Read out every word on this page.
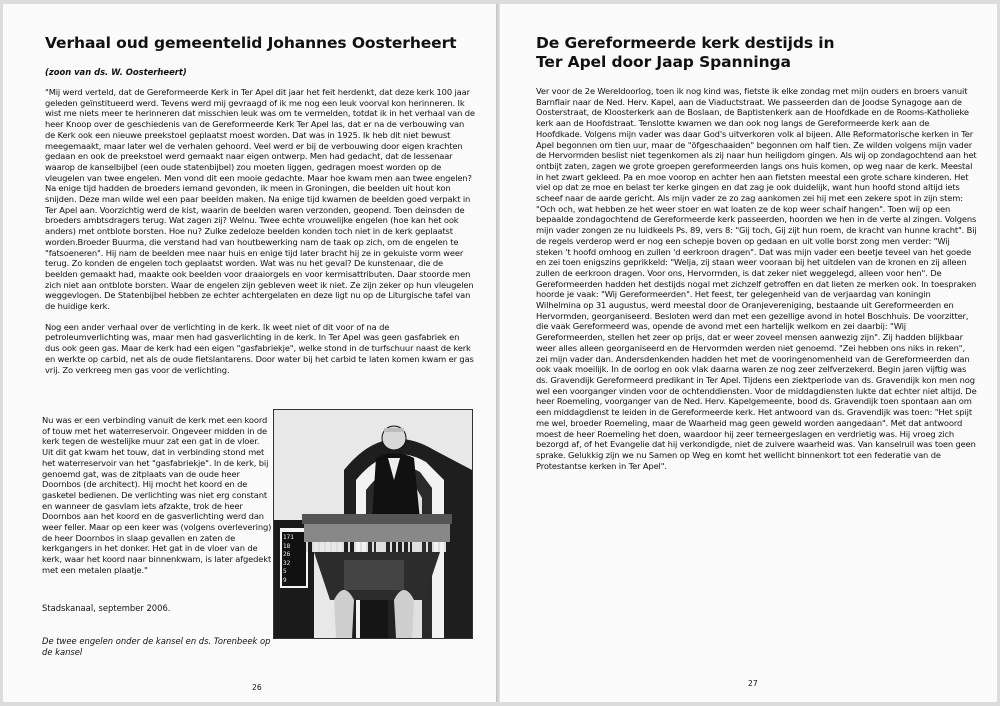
Verhaal oud gemeentelid Johannes Oosterheert
(zoon van ds. W. Oosterheert)

"Mij werd verteld, dat de Gereformeerde Kerk in Ter Apel dit jaar het feit herdenkt, dat deze kerk 100 jaar geleden geïnstitueerd werd. Tevens werd mij gevraagd of ik me nog een leuk voorval kon herinneren. Ik wist me niets meer te herinneren dat misschien leuk was om te vermelden, totdat ik in het verhaal van de heer Knoop over de geschiedenis van de Gereformeerde Kerk Ter Apel las, dat er na de verbouwing van de Kerk ook een nieuwe preekstoel geplaatst moest worden. Dat was in 1925. Ik heb dit niet bewust meegemaakt, maar later wel de verhalen gehoord. Veel werd er bij de verbouwing door eigen krachten gedaan en ook de preekstoel werd gemaakt naar eigen ontwerp. Men had gedacht, dat de lessenaar waarop de kanselbijbel (een oude statenbijbel) zou moeten liggen, gedragen moest worden op de vleugelen van twee engelen. Men vond dit een mooie gedachte. Maar hoe kwam men aan twee engelen? Na enige tijd hadden de broeders iemand gevonden, ik meen in Groningen, die beelden uit hout kon snijden. Deze man wilde wel een paar beelden maken. Na enige tijd kwamen de beelden goed verpakt in Ter Apel aan. Voorzichtig werd de kist, waarin de beelden waren verzonden, geopend. Toen deinsden de broeders ambtsdragers terug. Wat zagen zij? Welnu. Twee echte vrouwelijke engelen (hoe kan het ook anders) met ontblote borsten. Hoe nu? Zulke zedeloze beelden konden toch niet in de kerk geplaatst worden.Broeder Buurma, die verstand had van houtbewerking nam de taak op zich, om de engelen te "fatsoeneren". Hij nam de beelden mee naar huis en enige tijd later bracht hij ze in gekuiste vorm weer terug. Zo konden de engelen toch geplaatst worden. Wat was nu het geval? De kunstenaar, die de beelden gemaakt had, maakte ook beelden voor draaiorgels en voor kermisattributen. Daar stoorde men zich niet aan ontblote borsten. Waar de engelen zijn gebleven weet ik niet. Ze zijn zeker op hun vleugelen weggevlogen. De Statenbijbel hebben ze echter achtergelaten en deze ligt nu op de Liturgische tafel van de huidige kerk.

Nog een ander verhaal over de verlichting in de kerk. Ik weet niet of dit voor of na de petroleumverlichting was, maar men had gasverlichting in de kerk. In Ter Apel was geen gasfabriek en dus ook geen gas. Maar de kerk had een eigen "gasfabriekje", welke stond in de turfschuur naast de kerk en werkte op carbid, net als de oude fietslantarens. Door water bij het carbid te laten komen kwam er gas vrij. Zo verkreeg men gas voor de verlichting.

Nu was er een verbinding vanuit de kerk met een koord of touw met het waterreservoir. Ongeveer midden in de kerk tegen de westelijke muur zat een gat in de vloer. Uit dit gat kwam het touw, dat in verbinding stond met het waterreservoir van het "gasfabriekje". In de kerk, bij genoemd gat, was de zitplaats van de oude heer Doornbos (de architect). Hij mocht het koord en de gasketel bedienen. De verlichting was niet erg constant en wanneer de gasvlam iets afzakte, trok de heer Doornbos aan het koord en de gasverlichting werd dan weer feller. Maar op een keer was (volgens overlevering) de heer Doornbos in slaap gevallen en zaten de kerkgangers in het donker. Het gat in de vloer van de kerk, waar het koord naar binnenkwam, is later afgedekt met een metalen plaatje."

171
18
26
32
5
9
Stadskanaal, september 2006.
De twee engelen onder de kansel en ds. Torenbeek op de kansel
26
De Gereformeerde kerk destijds in Ter Apel door Jaap Spanninga

Ver voor de 2e Wereldoorlog, toen ik nog kind was, fietste ik elke zondag met mijn ouders en broers vanuit Barnflair naar de Ned. Herv. Kapel, aan de Viaductstraat. We passeerden dan de Joodse Synagoge aan de Oosterstraat, de Kloosterkerk aan de Boslaan, de Baptistenkerk aan de Hoofdkade en de Rooms-Katholieke kerk aan de Hoofdstraat. Tenslotte kwamen we dan ook nog langs de Gereformeerde kerk aan de Hoofdkade. Volgens mijn vader was daar God's uitverkoren volk al bijeen. Alle Reformatorische kerken in Ter Apel begonnen om tien uur, maar de "öfgeschaaiden" begonnen om half tien. Ze wilden volgens mijn vader de Hervormden beslist niet tegenkomen als zij naar hun heiligdom gingen. Als wij op zondagochtend aan het ontbijt zaten, zagen we grote groepen gereformeerden langs ons huis komen, op weg naar de kerk. Meestal in het zwart gekleed. Pa en moe voorop en achter hen aan fietsten meestal een grote schare kinderen. Het viel op dat ze moe en belast ter kerke gingen en dat zag je ook duidelijk, want hun hoofd stond altijd iets scheef naar de aarde gericht. Als mijn vader ze zo zag aankomen zei hij met een zekere spot in zijn stem: "Och och, wat hebben ze het weer stoer en wat loaten ze de kop weer schaif hangen". Toen wij op een bepaalde zondagochtend de Gereformeerde kerk passeerden, hoorden we hen in de verte al zingen. Volgens mijn vader zongen ze nu luidkeels Ps. 89, vers 8: "Gij toch, Gij zijt hun roem, de kracht van hunne kracht". Bij de regels verderop werd er nog een schepje boven op gedaan en uit volle borst zong men verder: "Wij steken 't hoofd omhoog en zullen 'd eerkroon dragen". Dat was mijn vader een beetje teveel van het goede en zei toen enigszins geprikkeld: "Welja, zij staan weer vooraan bij het uitdelen van de kronen en zij alleen zullen de eerkroon dragen. Voor ons, Hervormden, is dat zeker niet weggelegd, alleen voor hen". De Gereformeerden hadden het destijds nogal met zichzelf getroffen en dat lieten ze merken ook. In toespraken hoorde je vaak: "Wij Gereformeerden". Het feest, ter gelegenheid van de verjaardag van koningin Wilhelmina op 31 augustus, werd meestal door de Oranjevereniging, bestaande uit Gereformeerden en Hervormden, georganiseerd. Besloten werd dan met een gezellige avond in hotel Boschhuis. De voorzitter, die vaak Gereformeerd was, opende de avond met een hartelijk welkom en zei daarbij: "Wij Gereformeerden, stellen het zeer op prijs, dat er weer zoveel mensen aanwezig zijn". Zij hadden blijkbaar weer alles alleen georganiseerd en de Hervormden werden niet genoemd. "Zei hebben ons niks in reken", zei mijn vader dan. Andersdenkenden hadden het met de vooringenomenheid van de Gereformeerden dan ook vaak moeilijk. In de oorlog en ook vlak daarna waren ze nog zeer zelfverzekerd. Begin jaren vijftig was ds. Gravendijk Gereformeerd predikant in Ter Apel. Tijdens een ziektperiode van ds. Gravendijk kon men nog wel een voorganger vinden voor de ochtenddiensten. Voor de middagdiensten lukte dat echter niet altijd. De heer Roemeling, voorganger van de Ned. Herv. Kapelgemeente, bood ds. Gravendijk toen spontaan aan om een middagdienst te leiden in de Gereformeerde kerk. Het antwoord van ds. Gravendijk was toen: "Het spijt me wel, broeder Roemeling, maar de Waarheid mag geen geweld worden aangedaan". Met dat antwoord moest de heer Roemeling het doen, waardoor hij zeer terneergeslagen en verdrietig was. Hij vroeg zich bezorgd af, of het Evangelie dat hij verkondigde, niet de zuivere waarheid was. Van kanselruil was toen geen sprake. Gelukkig zijn we nu Samen op Weg en komt het wellicht binnenkort tot een federatie van de Protestantse kerken in Ter Apel".

27
